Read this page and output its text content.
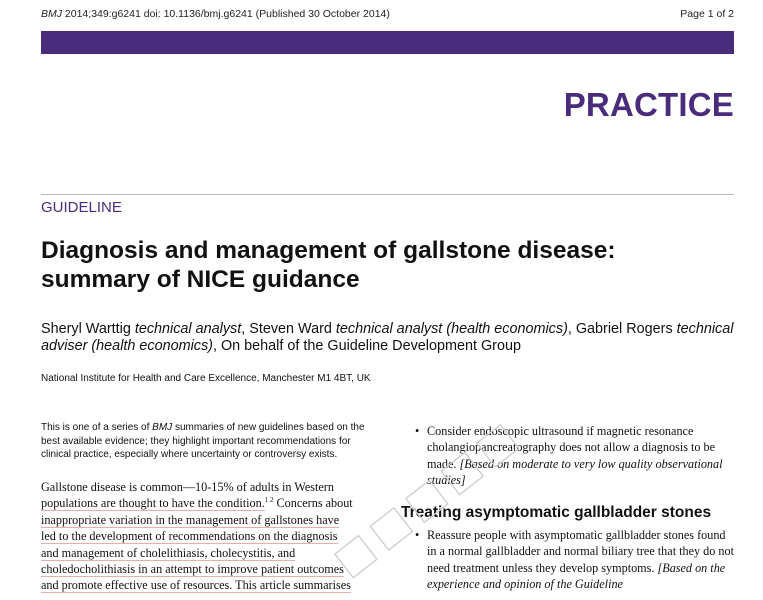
BMJ 2014;349:g6241 doi: 10.1136/bmj.g6241 (Published 30 October 2014)	Page 1 of 2
PRACTICE
GUIDELINE
Diagnosis and management of gallstone disease: summary of NICE guidance
Sheryl Warttig technical analyst, Steven Ward technical analyst (health economics), Gabriel Rogers technical adviser (health economics), On behalf of the Guideline Development Group
National Institute for Health and Care Excellence, Manchester M1 4BT, UK
This is one of a series of BMJ summaries of new guidelines based on the best available evidence; they highlight important recommendations for clinical practice, especially where uncertainty or controversy exists.
Gallstone disease is common—10-15% of adults in Western
populations are thought to have the condition.$^{1 2}$ Concerns about
inappropriate variation in the management of gallstones have
led to the development of recommendations on the diagnosis
and management of cholelithiasis, cholecystitis, and
choledocholithiasis in an attempt to improve patient outcomes
and promote effective use of resources. This article summarises
• Consider endoscopic ultrasound if magnetic resonance cholangiopancreatography does not allow a diagnosis to be made. [Based on moderate to very low quality observational studies]
Treating asymptomatic gallbladder stones
• Reassure people with asymptomatic gallbladder stones found in a normal gallbladder and normal biliary tree that they do not need treatment unless they develop symptoms. [Based on the experience and opinion of the Guideline
